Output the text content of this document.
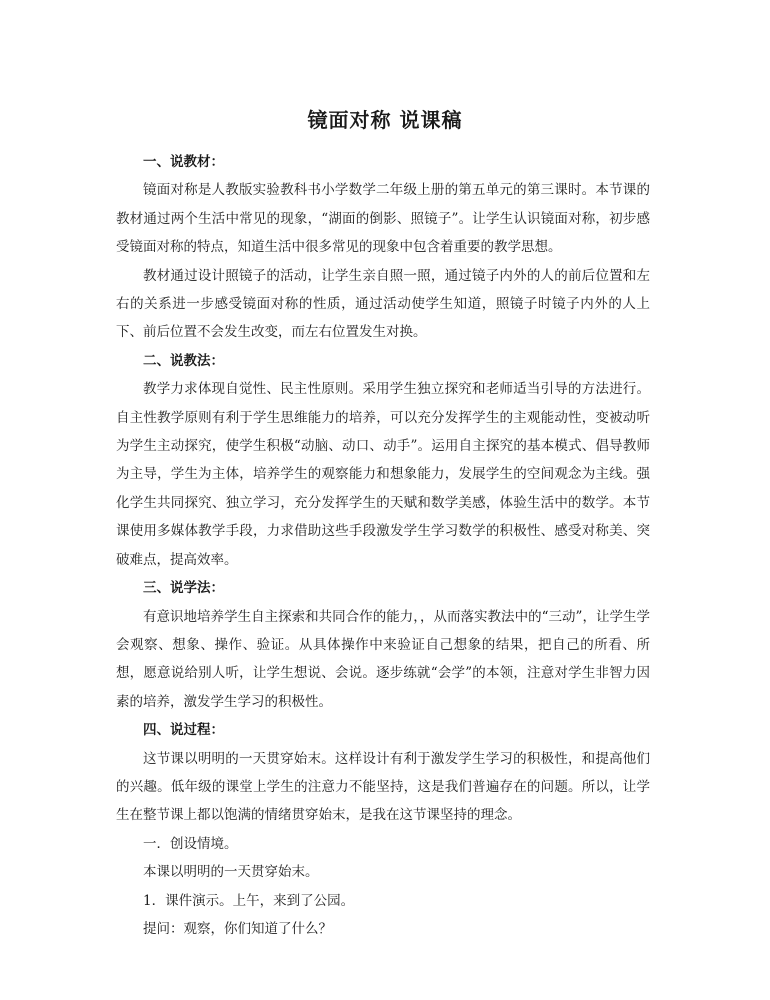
镜面对称 说课稿

一、说教材：

镜面对称是人教版实验教科书小学数学二年级上册的第五单元的第三课时。本节课的教材通过两个生活中常见的现象，“湖面的倒影、照镜子”。让学生认识镜面对称，初步感受镜面对称的特点，知道生活中很多常见的现象中包含着重要的教学思想。

教材通过设计照镜子的活动，让学生亲自照一照，通过镜子内外的人的前后位置和左右的关系进一步感受镜面对称的性质，通过活动使学生知道，照镜子时镜子内外的人上下、前后位置不会发生改变，而左右位置发生对换。

二、说教法：

教学力求体现自觉性、民主性原则。采用学生独立探究和老师适当引导的方法进行。自主性教学原则有利于学生思维能力的培养，可以充分发挥学生的主观能动性，变被动听为学生主动探究，使学生积极“动脑、动口、动手”。运用自主探究的基本模式、倡导教师为主导，学生为主体，培养学生的观察能力和想象能力，发展学生的空间观念为主线。强化学生共同探究、独立学习，充分发挥学生的天赋和数学美感，体验生活中的数学。本节课使用多媒体教学手段，力求借助这些手段激发学生学习数学的积极性、感受对称美、突破难点，提高效率。

三、说学法：

有意识地培养学生自主探索和共同合作的能力，，从而落实教法中的“三动”，让学生学会观察、想象、操作、验证。从具体操作中来验证自己想象的结果，把自己的所看、所想，愿意说给别人听，让学生想说、会说。逐步练就“会学”的本领，注意对学生非智力因素的培养，激发学生学习的积极性。

四、说过程：

这节课以明明的一天贯穿始末。这样设计有利于激发学生学习的积极性，和提高他们的兴趣。低年级的课堂上学生的注意力不能坚持，这是我们普遍存在的问题。所以，让学生在整节课上都以饱满的情绪贯穿始末，是我在这节课坚持的理念。

一．创设情境。

本课以明明的一天贯穿始末。

1．课件演示。上午，来到了公园。

提问：观察，你们知道了什么？
